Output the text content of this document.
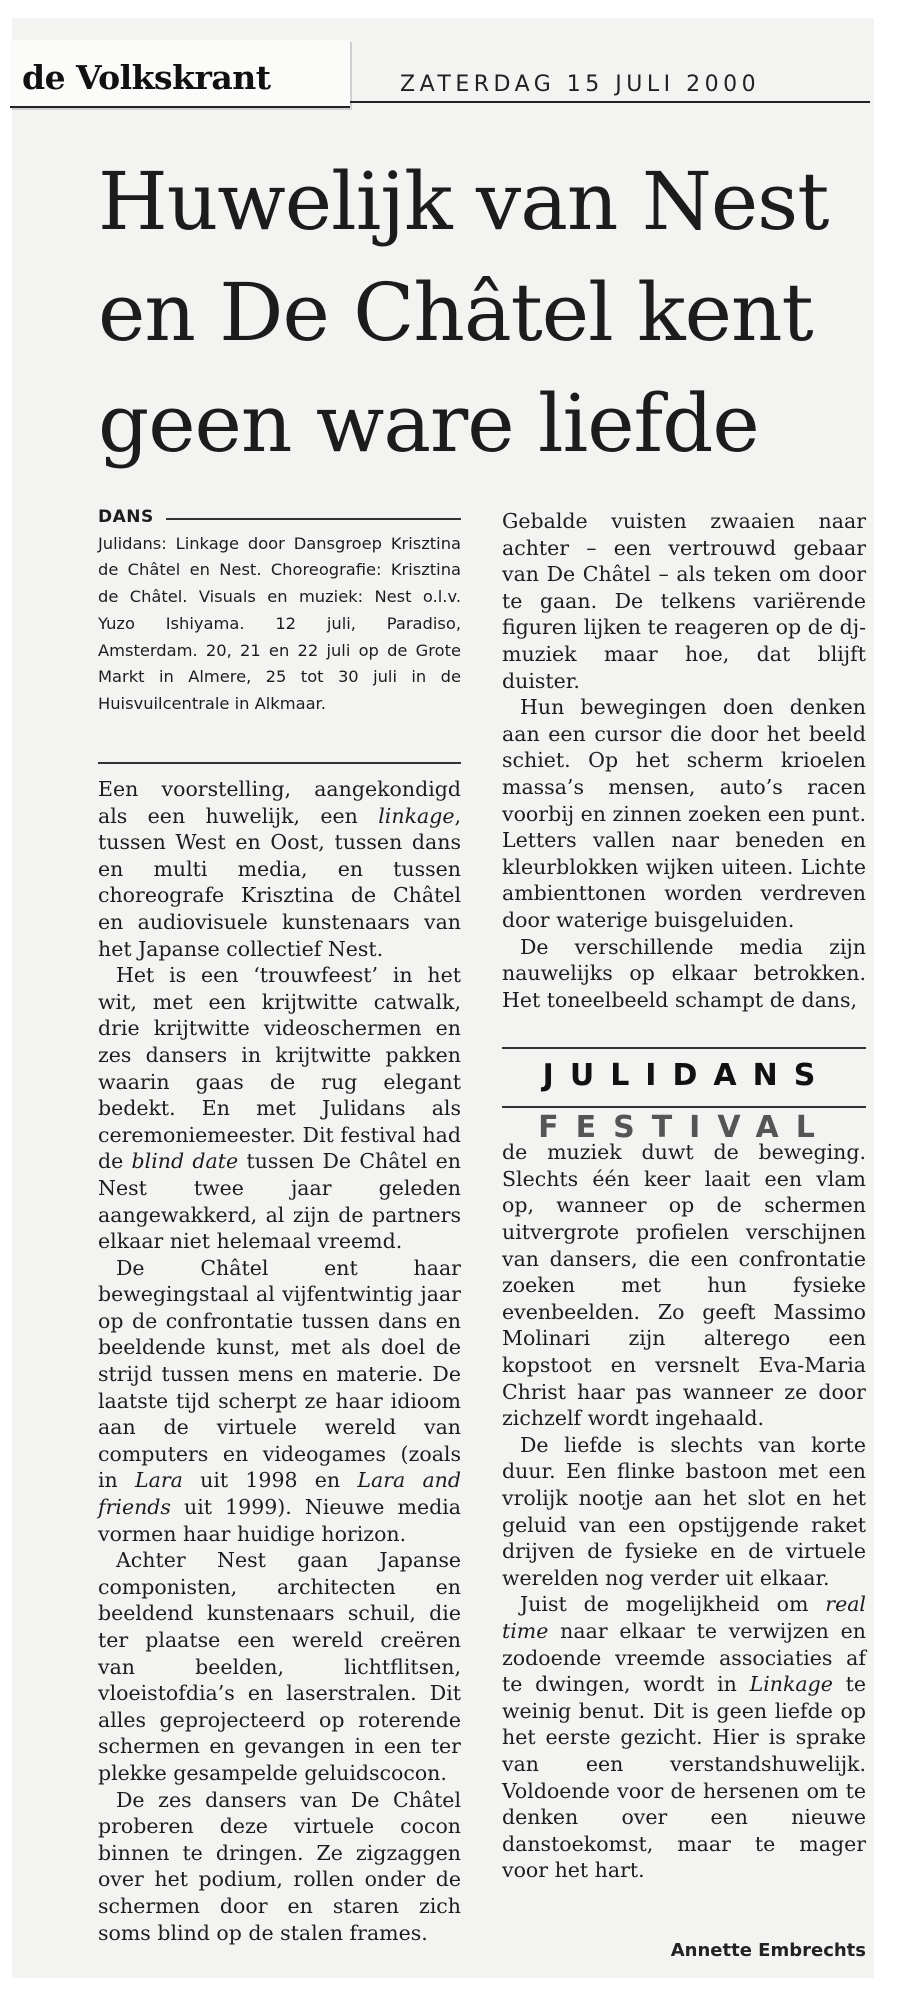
de Volkskrant	ZATERDAG 15 JULI 2000
Huwelijk van Nest
en De Châtel kent
geen ware liefde
DANS
Julidans: Linkage door Dansgroep Krisztina de Châtel en Nest. Choreografie: Krisztina de Châtel. Visuals en muziek: Nest o.l.v. Yuzo Ishiyama. 12 juli, Paradiso, Amsterdam. 20, 21 en 22 juli op de Grote Markt in Almere, 25 tot 30 juli in de Huisvuilcentrale in Alkmaar.

Een voorstelling, aangekondigd als een huwelijk, een linkage, tussen West en Oost, tussen dans en multi media, en tussen choreografe Krisztina de Châtel en audiovisuele kunstenaars van het Japanse collectief Nest.

Het is een ‘trouwfeest’ in het wit, met een krijtwitte catwalk, drie krijtwitte videoschermen en zes dansers in krijtwitte pakken waarin gaas de rug elegant bedekt. En met Julidans als ceremoniemeester. Dit festival had de blind date tussen De Châtel en Nest twee jaar geleden aangewakkerd, al zijn de partners elkaar niet helemaal vreemd.

De Châtel ent haar bewegingstaal al vijfentwintig jaar op de confrontatie tussen dans en beeldende kunst, met als doel de strijd tussen mens en materie. De laatste tijd scherpt ze haar idioom aan de virtuele wereld van computers en videogames (zoals in Lara uit 1998 en Lara and friends uit 1999). Nieuwe media vormen haar huidige horizon.

Achter Nest gaan Japanse componisten, architecten en beeldend kunstenaars schuil, die ter plaatse een wereld creëren van beelden, lichtflitsen, vloeistofdia’s en laserstralen. Dit alles geprojecteerd op roterende schermen en gevangen in een ter plekke gesampelde geluidscocon.

De zes dansers van De Châtel proberen deze virtuele cocon binnen te dringen. Ze zigzaggen over het podium, rollen onder de schermen door en staren zich soms blind op de stalen frames.

Gebalde vuisten zwaaien naar achter – een vertrouwd gebaar van De Châtel – als teken om door te gaan. De telkens variërende figuren lijken te reageren op de dj-muziek maar hoe, dat blijft duister.

Hun bewegingen doen denken aan een cursor die door het beeld schiet. Op het scherm krioelen massa’s mensen, auto’s racen voorbij en zinnen zoeken een punt. Letters vallen naar beneden en kleurblokken wijken uiteen. Lichte ambienttonen worden verdreven door waterige buisgeluiden.

De verschillende media zijn nauwelijks op elkaar betrokken. Het toneelbeeld schampt de dans,

de muziek duwt de beweging. Slechts één keer laait een vlam op, wanneer op de schermen uitvergrote profielen verschijnen van dansers, die een confrontatie zoeken met hun fysieke evenbeelden. Zo geeft Massimo Molinari zijn alterego een kopstoot en versnelt Eva-Maria Christ haar pas wanneer ze door zichzelf wordt ingehaald.

De liefde is slechts van korte duur. Een flinke bastoon met een vrolijk nootje aan het slot en het geluid van een opstijgende raket drijven de fysieke en de virtuele werelden nog verder uit elkaar.

Juist de mogelijkheid om real time naar elkaar te verwijzen en zodoende vreemde associaties af te dwingen, wordt in Linkage te weinig benut. Dit is geen liefde op het eerste gezicht. Hier is sprake van een verstandshuwelijk. Voldoende voor de hersenen om te denken over een nieuwe danstoekomst, maar te mager voor het hart.

JULIDANS
FESTIVAL
Annette Embrechts
